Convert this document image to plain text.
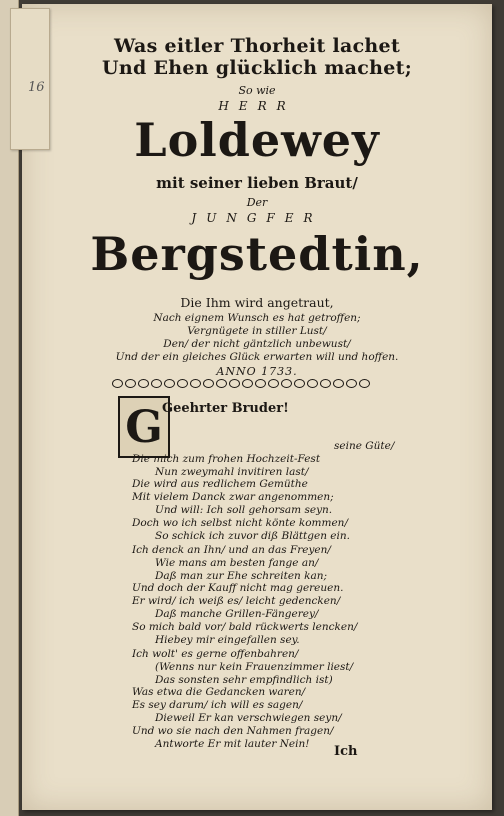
Was eitler Thorheit lachet
Und Ehen glücklich machet;
So wie
HERR
Loldewey
mit seiner lieben Braut/
Der
JUNGFER
Bergstedtin,
Die Ihm wird angetraut,
Nach eignem Wunsch es hat getroffen;
Vergnügete in stiller Lust/
Den/ der nicht gäntzlich unbewust/
Und der ein gleiches Glück erwarten will und hoffen.
ANNO 1733.
G Geehrter Bruder!
seine Güte/
Die mich zum frohen Hochzeit-Fest
Nun zweymahl invitiren last/
Die wird aus redlichem Gemüthe
Mit vielem Danck zwar angenommen;
Und will: Ich soll gehorsam seyn.
Doch wo ich selbst nicht könte kommen/
So schick ich zuvor diß Blättgen ein.
Ich denck an Ihn/ und an das Freyen/
Wie mans am besten fange an/
Daß man zur Ehe schreiten kan;
Und doch der Kauff nicht mag gereuen.
Er wird/ ich weiß es/ leicht gedencken/
Daß manche Grillen-Fängerey/
So mich bald vor/ bald rückwerts lencken/
Hiebey mir eingefallen sey.
Ich wolt' es gerne offenbahren/
(Wenns nur kein Frauenzimmer liest/
Das sonsten sehr empfindlich ist)
Was etwa die Gedancken waren/
Es sey darum/ ich will es sagen/
Dieweil Er kan verschwiegen seyn/
Und wo sie nach den Nahmen fragen/
Antworte Er mit lauter Nein!
Ich
16
